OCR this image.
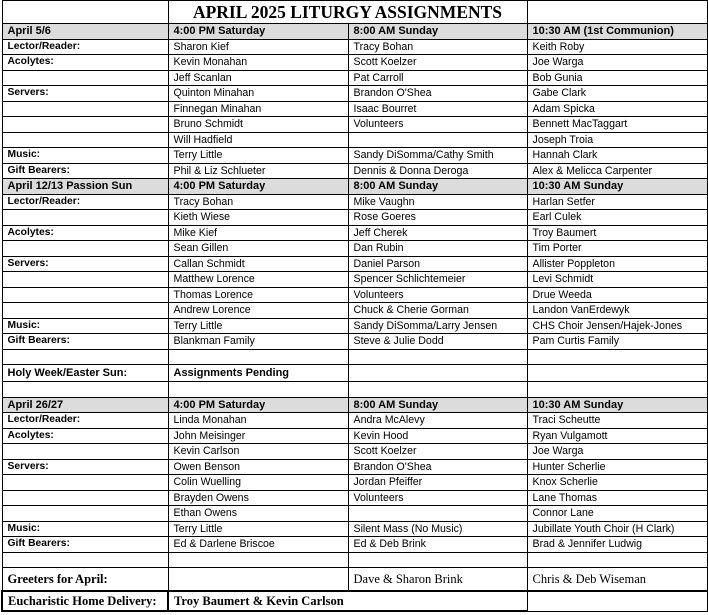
	APRIL 2025 LITURGY ASSIGNMENTS		
April 5/6	4:00 PM Saturday	8:00 AM Sunday	10:30 AM (1st Communion)
Lector/Reader:	Sharon Kief	Tracy Bohan	Keith Roby
Acolytes:	Kevin Monahan	Scott Koelzer	Joe Warga
	Jeff Scanlan	Pat Carroll	Bob Gunia
Servers:	Quinton Minahan	Brandon O'Shea	Gabe Clark
	Finnegan Minahan	Isaac Bourret	Adam Spicka
	Bruno Schmidt	Volunteers	Bennett MacTaggart
	Will Hadfield		Joseph Troia
Music:	Terry Little	Sandy DiSomma/Cathy Smith	Hannah Clark
Gift Bearers:	Phil & Liz Schlueter	Dennis & Donna Deroga	Alex & Melicca Carpenter
April 12/13 Passion Sun	4:00 PM Saturday	8:00 AM Sunday	10:30 AM Sunday
Lector/Reader:	Tracy Bohan	Mike Vaughn	Harlan Setfer
	Kieth Wiese	Rose Goeres	Earl Culek
Acolytes:	Mike Kief	Jeff Cherek	Troy Baumert
	Sean Gillen	Dan Rubin	Tim Porter
Servers:	Callan Schmidt	Daniel Parson	Allister Poppleton
	Matthew Lorence	Spencer Schlichtemeier	Levi Schmidt
	Thomas Lorence	Volunteers	Drue Weeda
	Andrew Lorence	Chuck & Cherie Gorman	Landon VanErdewyk
Music:	Terry Little	Sandy DiSomma/Larry Jensen	CHS Choir Jensen/Hajek-Jones
Gift Bearers:	Blankman Family	Steve & Julie Dodd	Pam Curtis Family

Holy Week/Easter Sun:	Assignments Pending		

April 26/27	4:00 PM Saturday	8:00 AM Sunday	10:30 AM Sunday
Lector/Reader:	Linda Monahan	Andra McAlevy	Traci Scheutte
Acolytes:	John Meisinger	Kevin Hood	Ryan Vulgamott
	Kevin Carlson	Scott Koelzer	Joe Warga
Servers:	Owen Benson	Brandon O'Shea	Hunter Scherlie
	Colin Wuelling	Jordan Pfeiffer	Knox Scherlie
	Brayden Owens	Volunteers	Lane Thomas
	Ethan Owens		Connor Lane
Music:	Terry Little	Silent Mass (No Music)	Jubillate Youth Choir (H Clark)
Gift Bearers:	Ed & Darlene Briscoe	Ed & Deb Brink	Brad & Jennifer Ludwig

Greeters for April:		Dave & Sharon Brink	Chris & Deb Wiseman
Eucharistic Home Delivery:	Troy Baumert & Kevin Carlson		
